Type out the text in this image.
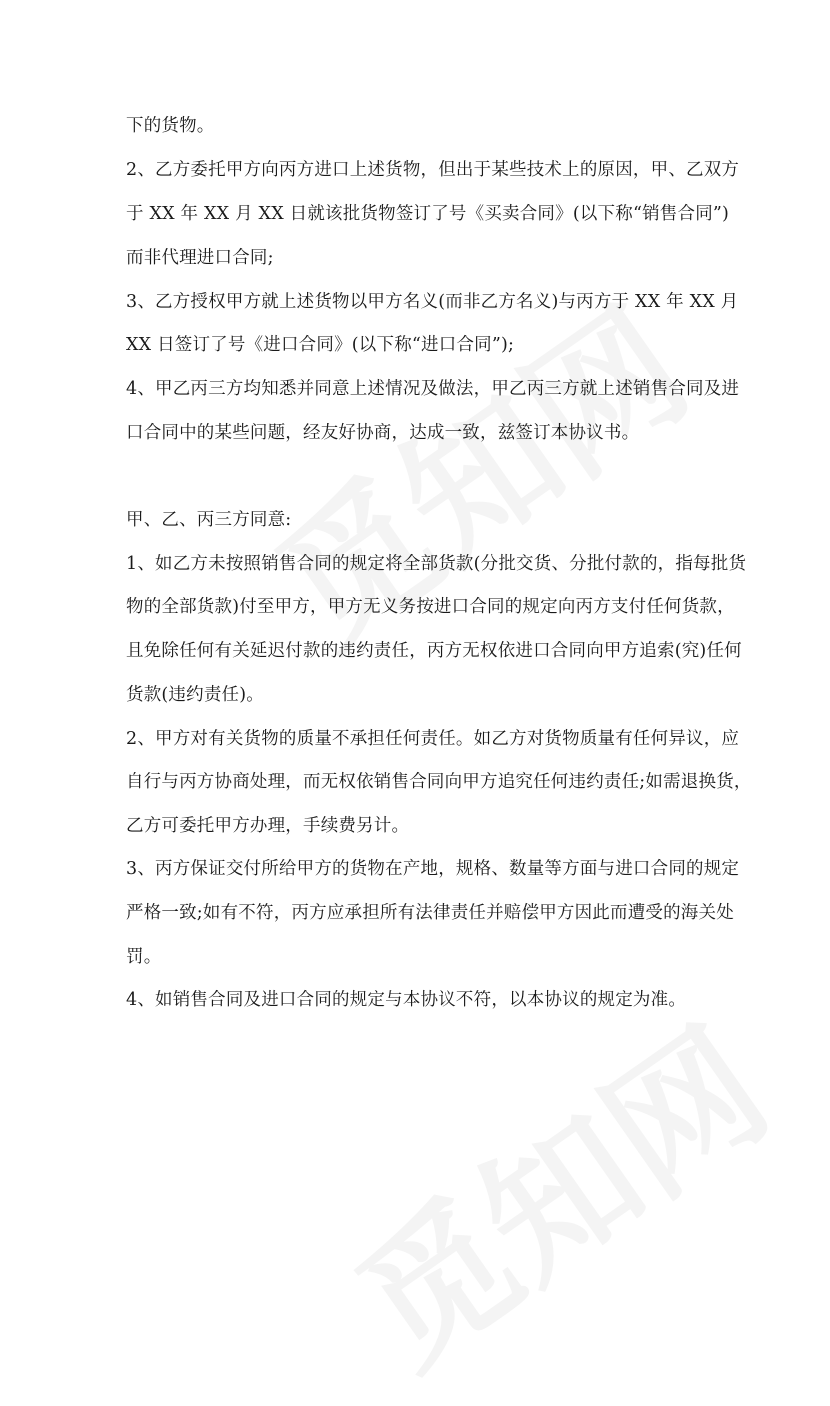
下的货物。
2、乙方委托甲方向丙方进口上述货物，但出于某些技术上的原因，甲、乙双方
于 XX 年 XX 月 XX 日就该批货物签订了号《买卖合同》(以下称“销售合同”)
而非代理进口合同;
3、乙方授权甲方就上述货物以甲方名义(而非乙方名义)与丙方于 XX 年 XX 月
XX 日签订了号《进口合同》(以下称“进口合同”);
4、甲乙丙三方均知悉并同意上述情况及做法，甲乙丙三方就上述销售合同及进
口合同中的某些问题，经友好协商，达成一致，兹签订本协议书。
甲、乙、丙三方同意:
1、如乙方未按照销售合同的规定将全部货款(分批交货、分批付款的，指每批货
物的全部货款)付至甲方，甲方无义务按进口合同的规定向丙方支付任何货款，
且免除任何有关延迟付款的违约责任，丙方无权依进口合同向甲方追索(究)任何
货款(违约责任)。
2、甲方对有关货物的质量不承担任何责任。如乙方对货物质量有任何异议，应
自行与丙方协商处理，而无权依销售合同向甲方追究任何违约责任;如需退换货，
乙方可委托甲方办理，手续费另计。
3、丙方保证交付所给甲方的货物在产地，规格、数量等方面与进口合同的规定
严格一致;如有不符，丙方应承担所有法律责任并赔偿甲方因此而遭受的海关处
罚。
4、如销售合同及进口合同的规定与本协议不符，以本协议的规定为准。
